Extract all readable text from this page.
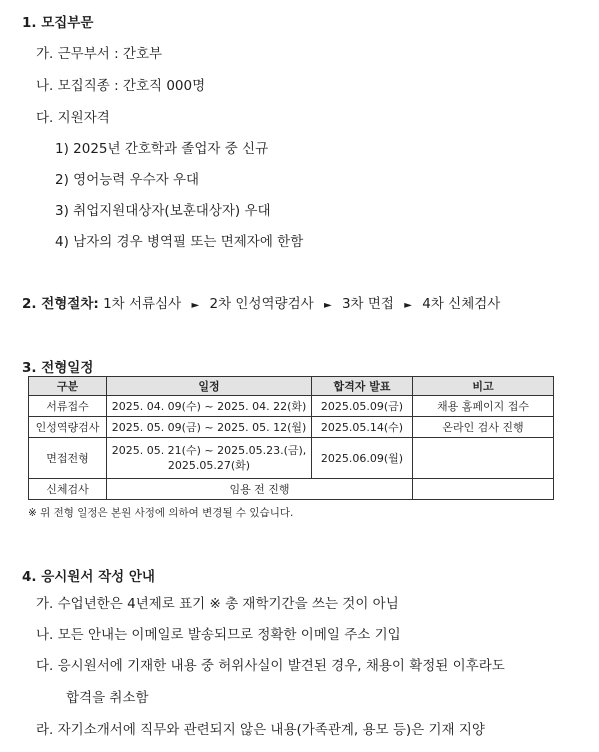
1. 모집부문
가. 근무부서 : 간호부
나. 모집직종 : 간호직 000명
다. 지원자격
1) 2025년 간호학과 졸업자 중 신규
2) 영어능력 우수자 우대
3) 취업지원대상자(보훈대상자) 우대
4) 남자의 경우 병역필 또는 면제자에 한함
2. 전형절차: 1차 서류심사 ► 2차 인성역량검사 ► 3차 면접 ► 4차 신체검사
3. 전형일정
구분	일정	합격자 발표	비고
서류접수	2025. 04. 09(수) ~ 2025. 04. 22(화)	2025.05.09(금)	채용 홈페이지 접수
인성역량검사	2025. 05. 09(금) ~ 2025. 05. 12(월)	2025.05.14(수)	온라인 검사 진행
면접전형	2025. 05. 21(수) ~ 2025.05.23.(금),
2025.05.27(화)	2025.06.09(월)	
신체검사	임용 전 진행		
※ 위 전형 일정은 본원 사정에 의하여 변경될 수 있습니다.
4. 응시원서 작성 안내
가. 수업년한은 4년제로 표기 ※ 총 재학기간을 쓰는 것이 아님
나. 모든 안내는 이메일로 발송되므로 정확한 이메일 주소 기입
다. 응시원서에 기재한 내용 중 허위사실이 발견된 경우, 채용이 확정된 이후라도
합격을 취소함
라. 자기소개서에 직무와 관련되지 않은 내용(가족관계, 용모 등)은 기재 지양
